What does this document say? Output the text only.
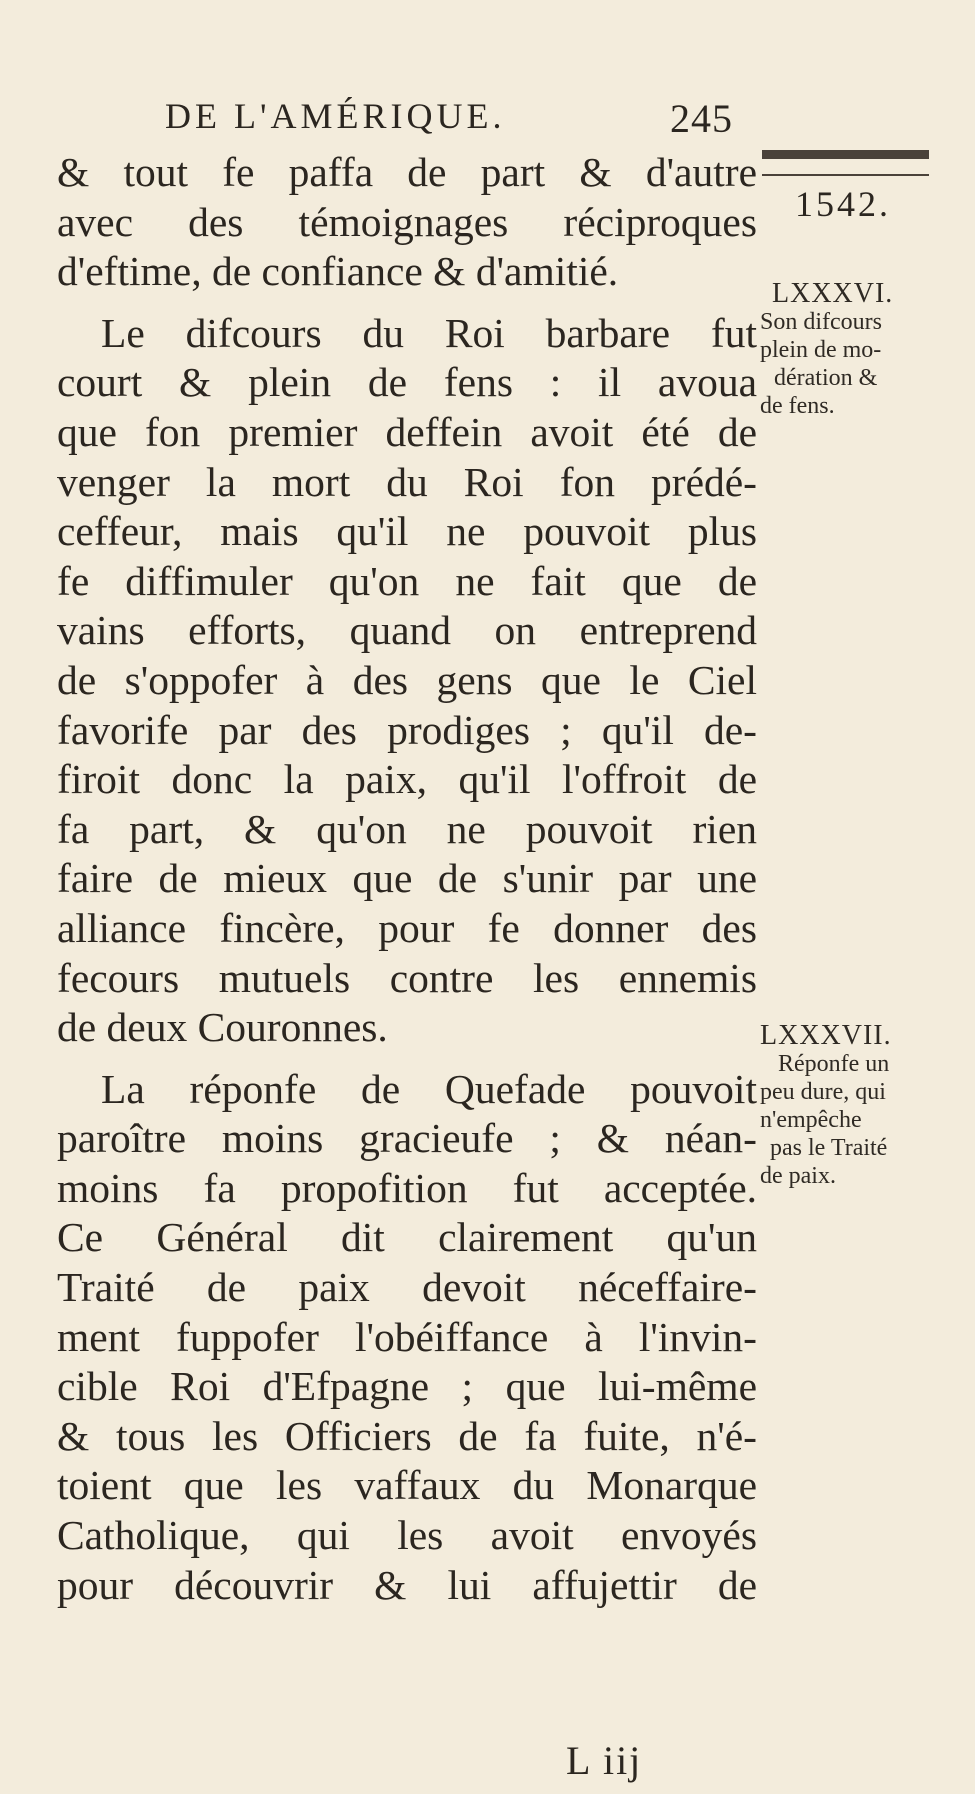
DE L'AMÉRIQUE.	245
1542.
LXXXVI.
Son difcours
plein de mo-
dération &
de fens.
LXXXVII.
Réponfe un
peu dure, qui
n'empêche
pas le Traité
de paix.
& tout fe paffa de part & d'autre
avec des témoignages réciproques
d'eftime, de confiance & d'amitié.
Le difcours du Roi barbare fut
court & plein de fens : il avoua
que fon premier deffein avoit été de
venger la mort du Roi fon prédé-
ceffeur, mais qu'il ne pouvoit plus
fe diffimuler qu'on ne fait que de
vains efforts, quand on entreprend
de s'oppofer à des gens que le Ciel
favorife par des prodiges ; qu'il de-
firoit donc la paix, qu'il l'offroit de
fa part, & qu'on ne pouvoit rien
faire de mieux que de s'unir par une
alliance fincère, pour fe donner des
fecours mutuels contre les ennemis
de deux Couronnes.
La réponfe de Quefade pouvoit
paroître moins gracieufe ; & néan-
moins fa propofition fut acceptée.
Ce Général dit clairement qu'un
Traité de paix devoit néceffaire-
ment fuppofer l'obéiffance à l'invin-
cible Roi d'Efpagne ; que lui-même
& tous les Officiers de fa fuite, n'é-
toient que les vaffaux du Monarque
Catholique, qui les avoit envoyés
pour découvrir & lui affujettir de
L iij
